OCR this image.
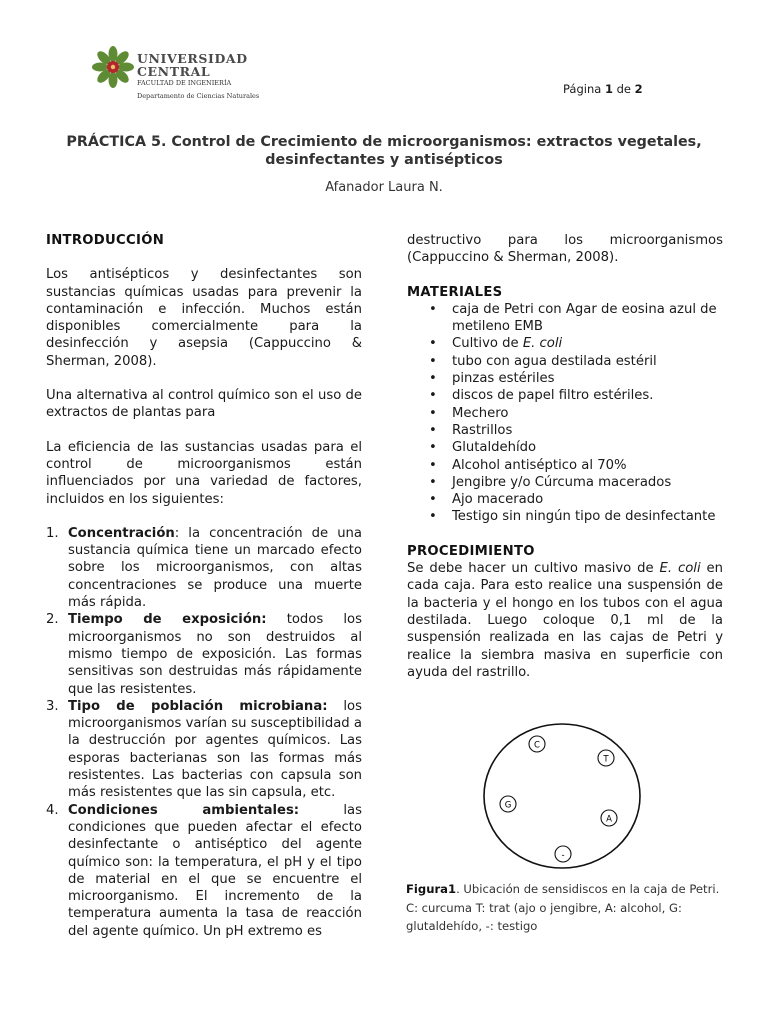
UNIVERSIDAD
CENTRAL
FACULTAD DE INGENIERÍA
Departamento de Ciencias Naturales	Página 1 de 2
PRÁCTICA 5. Control de Crecimiento de microorganismos: extractos vegetales, desinfectantes y antisépticos
Afanador Laura N.
INTRODUCCIÓN

Los antisépticos y desinfectantes son sustancias químicas usadas para prevenir la contaminación e infección. Muchos están disponibles comercialmente para la desinfección y asepsia (Cappuccino & Sherman, 2008).

Una alternativa al control químico son el uso de extractos de plantas para

La eficiencia de las sustancias usadas para el control de microorganismos están influenciados por una variedad de factores, incluidos en los siguientes:

1. Concentración: la concentración de una sustancia química tiene un marcado efecto sobre los microorganismos, con altas concentraciones se produce una muerte más rápida.
2. Tiempo de exposición: todos los microorganismos no son destruidos al mismo tiempo de exposición. Las formas sensitivas son destruidas más rápidamente que las resistentes.
3. Tipo de población microbiana: los microorganismos varían su susceptibilidad a la destrucción por agentes químicos. Las esporas bacterianas son las formas más resistentes. Las bacterias con capsula son más resistentes que las sin capsula, etc.
4. Condiciones ambientales: las condiciones que pueden afectar el efecto desinfectante o antiséptico del agente químico son: la temperatura, el pH y el tipo de material en el que se encuentre el microorganismo. El incremento de la temperatura aumenta la tasa de reacción del agente químico. Un pH extremo es

destructivo para los microorganismos (Cappuccino & Sherman, 2008).

MATERIALES
• caja de Petri con Agar de eosina azul de metileno EMB
• Cultivo de E. coli
• tubo con agua destilada estéril
• pinzas estériles
• discos de papel filtro estériles.
• Mechero
• Rastrillos
• Glutaldehído
• Alcohol antiséptico al 70%
• Jengibre y/o Cúrcuma macerados
• Ajo macerado
• Testigo sin ningún tipo de desinfectante
PROCEDIMIENTO

Se debe hacer un cultivo masivo de E. coli en cada caja. Para esto realice una suspensión de la bacteria y el hongo en los tubos con el agua destilada. Luego coloque 0,1 ml de la suspensión realizada en las cajas de Petri y realice la siembra masiva en superficie con ayuda del rastrillo.

C
T
G
A
-
Figura1. Ubicación de sensidiscos en la caja de Petri. C: curcuma T: trat (ajo o jengibre, A: alcohol, G: glutaldehído, -: testigo
